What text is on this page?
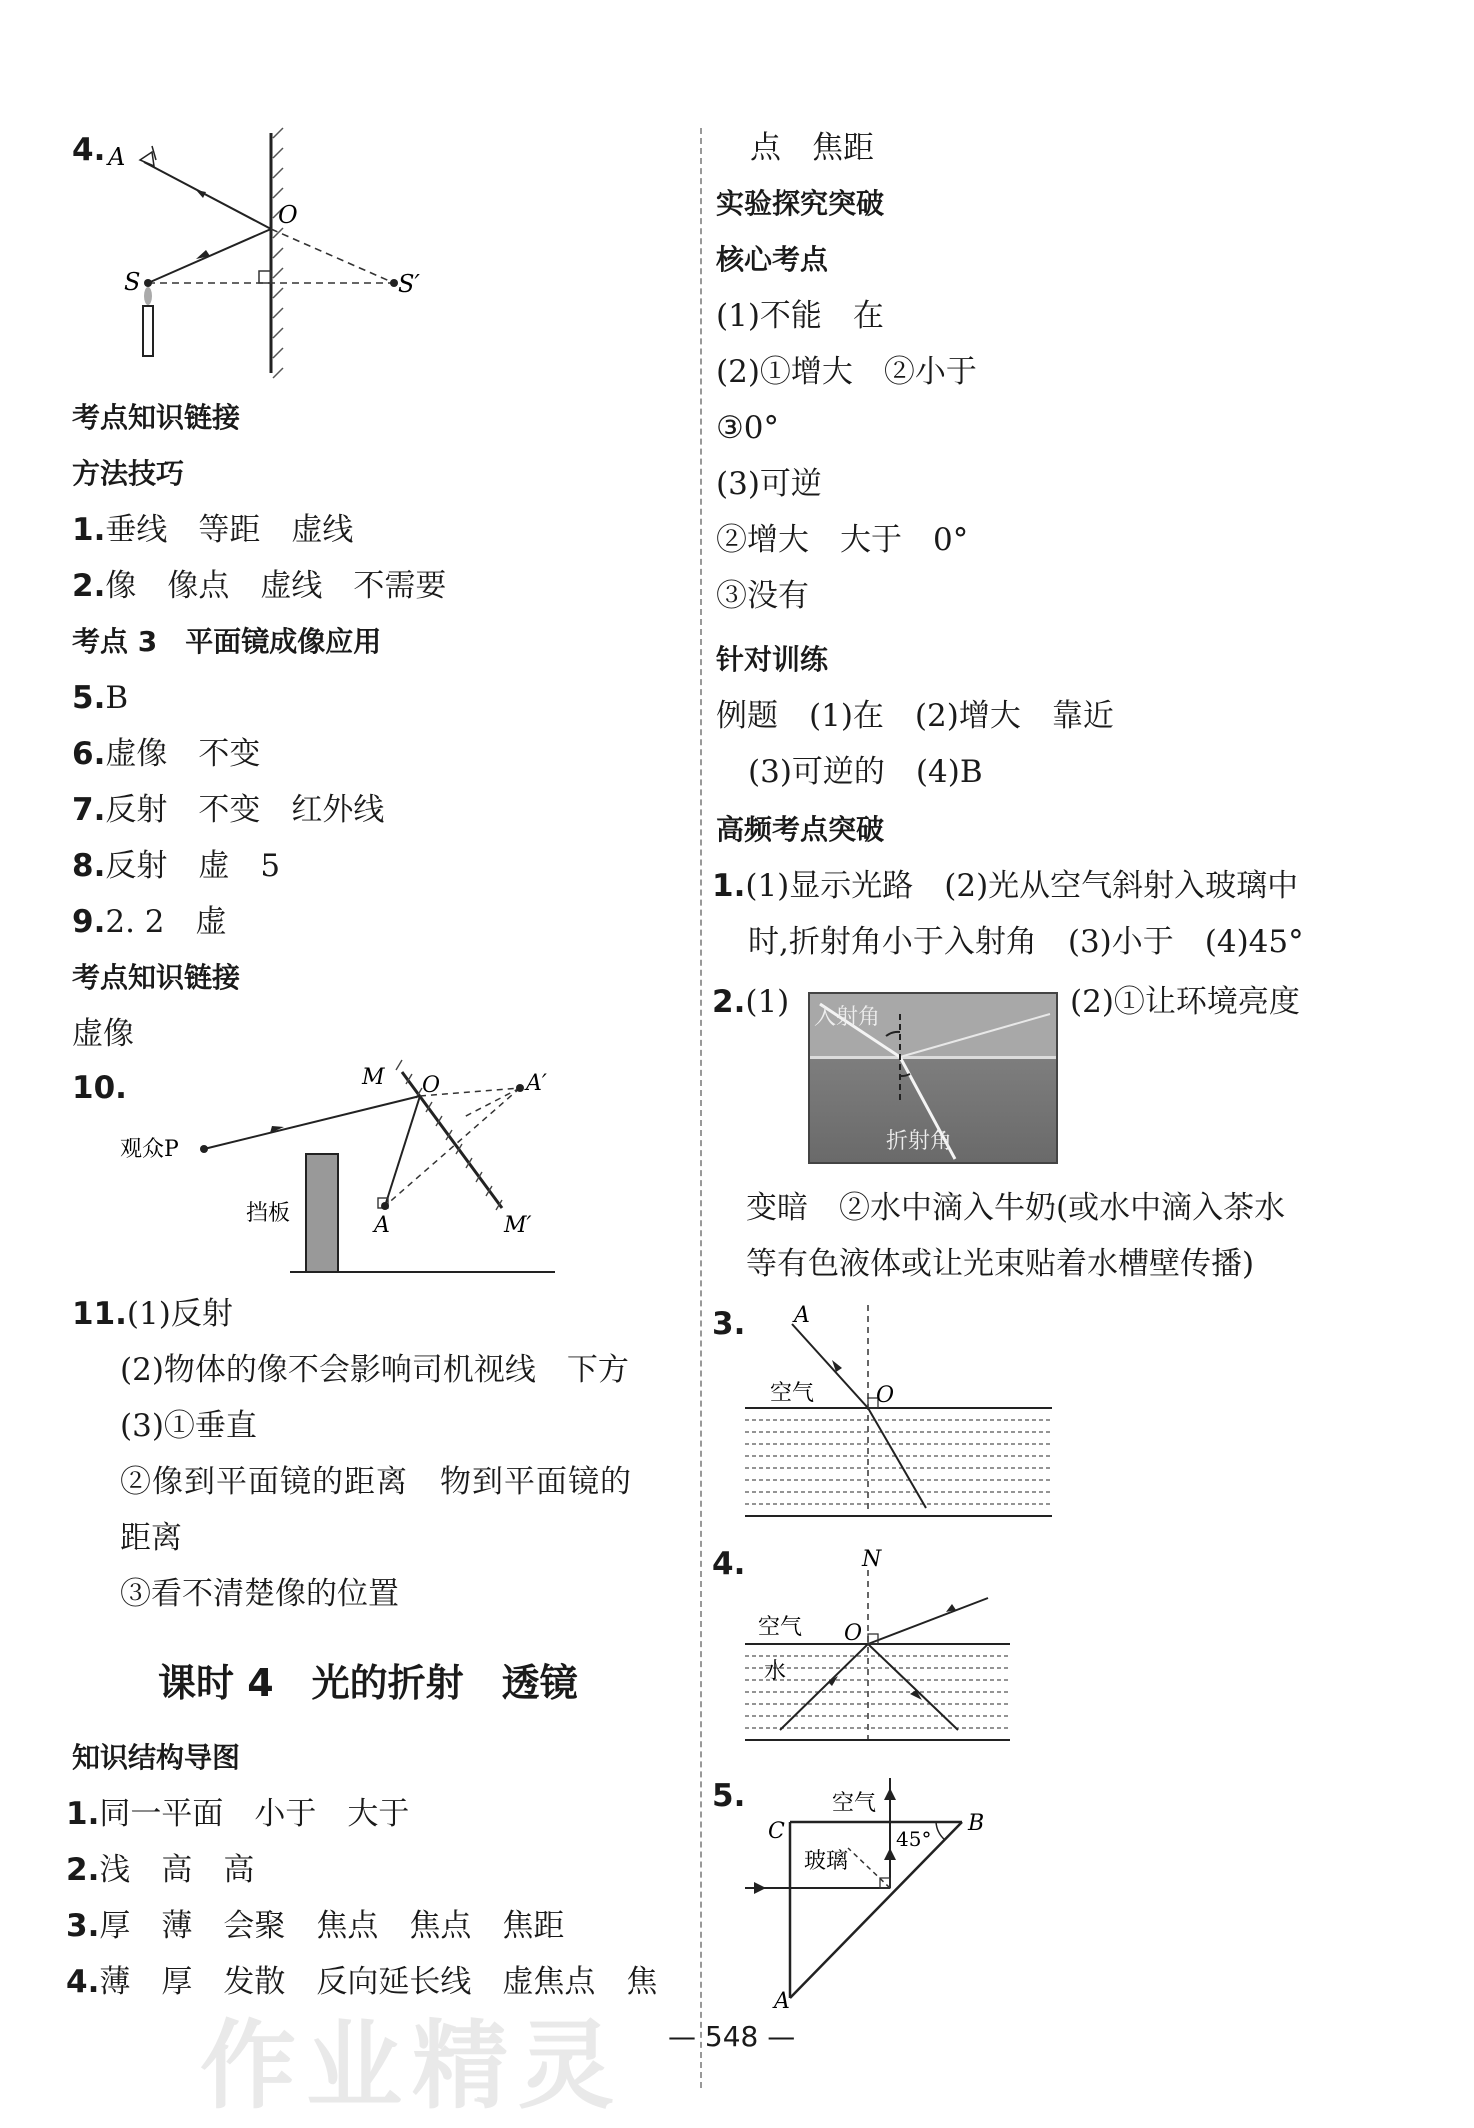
4. A
O
S	S′
考点知识链接
方法技巧
1.垂线　等距　虚线
2.像　像点　虚线　不需要
考点 3　平面镜成像应用
5.B
6.虚像　不变
7.反射　不变　红外线
8.反射　虚　5
9.2. 2　虚
考点知识链接
虚像
10.	M O	A′
观众P
挡板	A	M′
11.(1)反射
(2)物体的像不会影响司机视线　下方
(3)①垂直
②像到平面镜的距离　物到平面镜的
距离
③看不清楚像的位置
课时 4　光的折射　透镜
知识结构导图
1.同一平面　小于　大于
2.浅　高　高
3.厚　薄　会聚　焦点　焦点　焦距
4.薄　厚　发散　反向延长线　虚焦点　焦
点　焦距
实验探究突破
核心考点
(1)不能　在
(2)①增大　②小于
③0°
(3)可逆
②增大　大于　0°
③没有
针对训练
例题　(1)在　(2)增大　靠近
(3)可逆的　(4)B
高频考点突破
1.(1)显示光路　(2)光从空气斜射入玻璃中
时,折射角小于入射角　(3)小于　(4)45°
2.(1)	(2)①让环境亮度
入射角
折射角
变暗　②水中滴入牛奶(或水中滴入茶水
等有色液体或让光束贴着水槽壁传播)
3. A
空气	O
4.	N
空气 O
水
5.	空气
C	B
玻璃
45°
A
作业精灵 — 548 —
